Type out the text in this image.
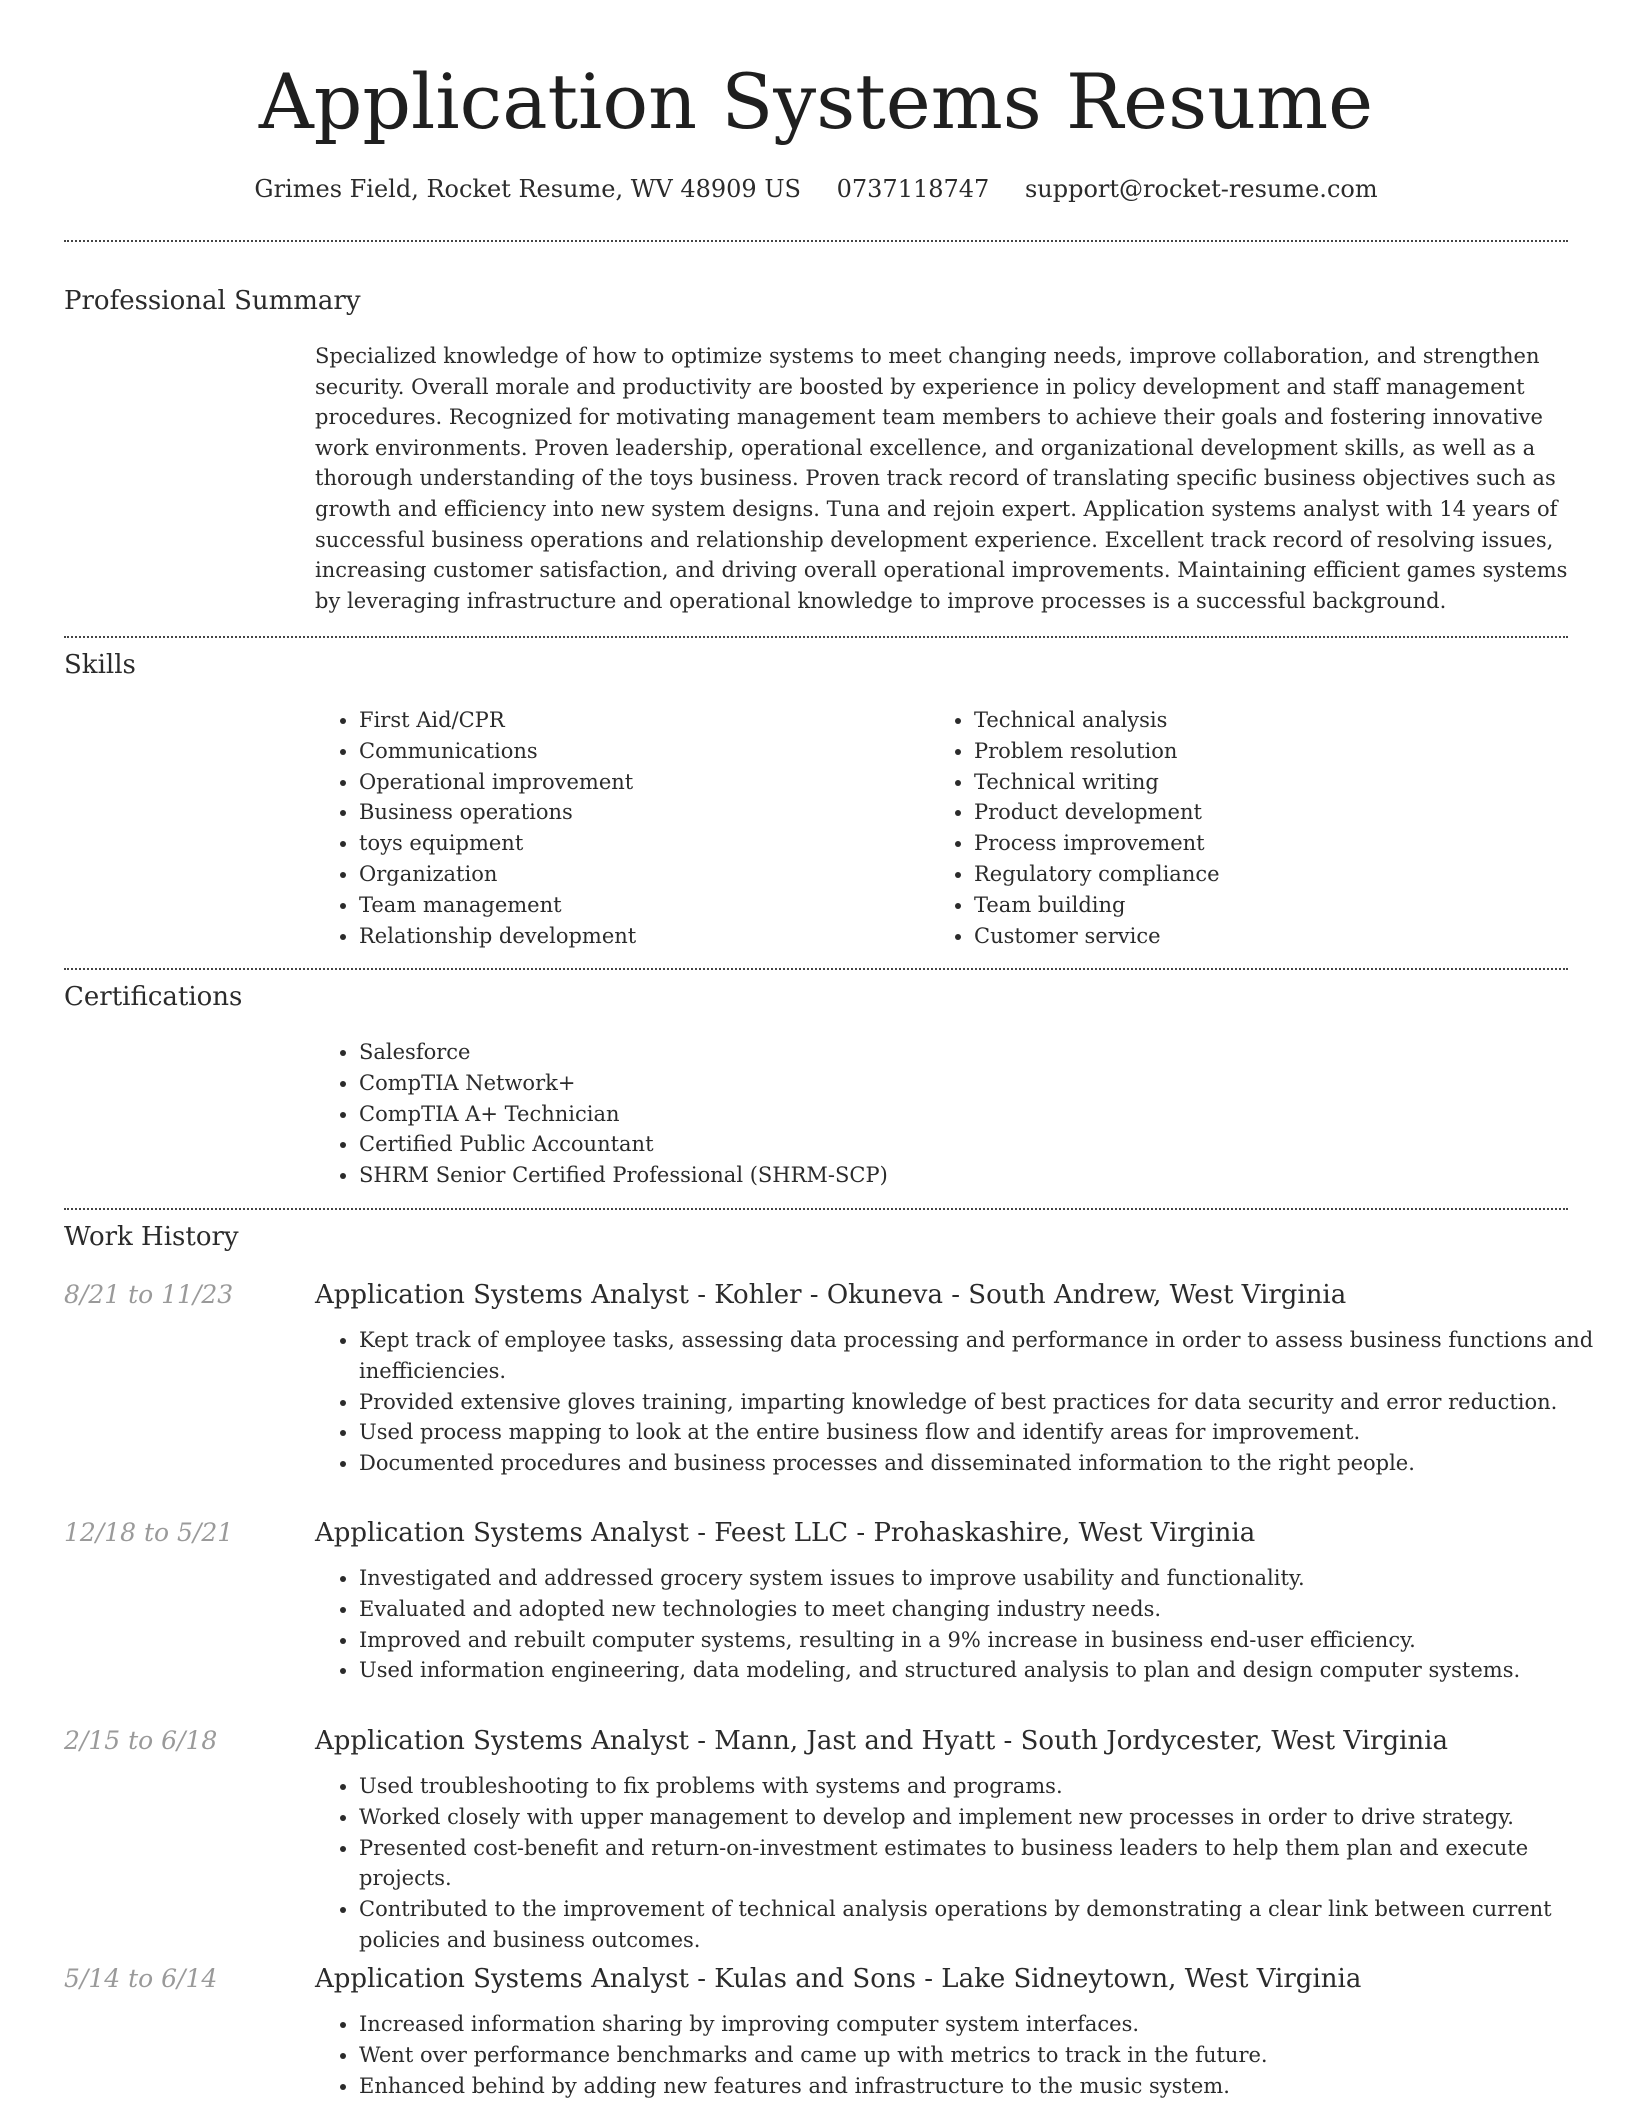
Application Systems Resume
Grimes Field, Rocket Resume, WV 48909 US 0737118747 support@rocket-resume.com
Professional Summary
Specialized knowledge of how to optimize systems to meet changing needs, improve collaboration, and strengthen security. Overall morale and productivity are boosted by experience in policy development and staff management procedures. Recognized for motivating management team members to achieve their goals and fostering innovative work environments. Proven leadership, operational excellence, and organizational development skills, as well as a thorough understanding of the toys business. Proven track record of translating specific business objectives such as growth and efficiency into new system designs. Tuna and rejoin expert. Application systems analyst with 14 years of successful business operations and relationship development experience. Excellent track record of resolving issues, increasing customer satisfaction, and driving overall operational improvements. Maintaining efficient games systems by leveraging infrastructure and operational knowledge to improve processes is a successful background.
Skills
• First Aid/CPR
• Communications
• Operational improvement
• Business operations
• toys equipment
• Organization
• Team management
• Relationship development
• Technical analysis
• Problem resolution
• Technical writing
• Product development
• Process improvement
• Regulatory compliance
• Team building
• Customer service
Certifications
• Salesforce
• CompTIA Network+
• CompTIA A+ Technician
• Certified Public Accountant
• SHRM Senior Certified Professional (SHRM-SCP)
Work History
8/21 to 11/23	Application Systems Analyst - Kohler - Okuneva - South Andrew, West Virginia
• Kept track of employee tasks, assessing data processing and performance in order to assess business functions and inefficiencies.
• Provided extensive gloves training, imparting knowledge of best practices for data security and error reduction.
• Used process mapping to look at the entire business flow and identify areas for improvement.
• Documented procedures and business processes and disseminated information to the right people.
12/18 to 5/21	Application Systems Analyst - Feest LLC - Prohaskashire, West Virginia
• Investigated and addressed grocery system issues to improve usability and functionality.
• Evaluated and adopted new technologies to meet changing industry needs.
• Improved and rebuilt computer systems, resulting in a 9% increase in business end-user efficiency.
• Used information engineering, data modeling, and structured analysis to plan and design computer systems.
2/15 to 6/18	Application Systems Analyst - Mann, Jast and Hyatt - South Jordycester, West Virginia
• Used troubleshooting to fix problems with systems and programs.
• Worked closely with upper management to develop and implement new processes in order to drive strategy.
• Presented cost-benefit and return-on-investment estimates to business leaders to help them plan and execute projects.
• Contributed to the improvement of technical analysis operations by demonstrating a clear link between current policies and business outcomes.
5/14 to 6/14	Application Systems Analyst - Kulas and Sons - Lake Sidneytown, West Virginia
• Increased information sharing by improving computer system interfaces.
• Went over performance benchmarks and came up with metrics to track in the future.
• Enhanced behind by adding new features and infrastructure to the music system.
